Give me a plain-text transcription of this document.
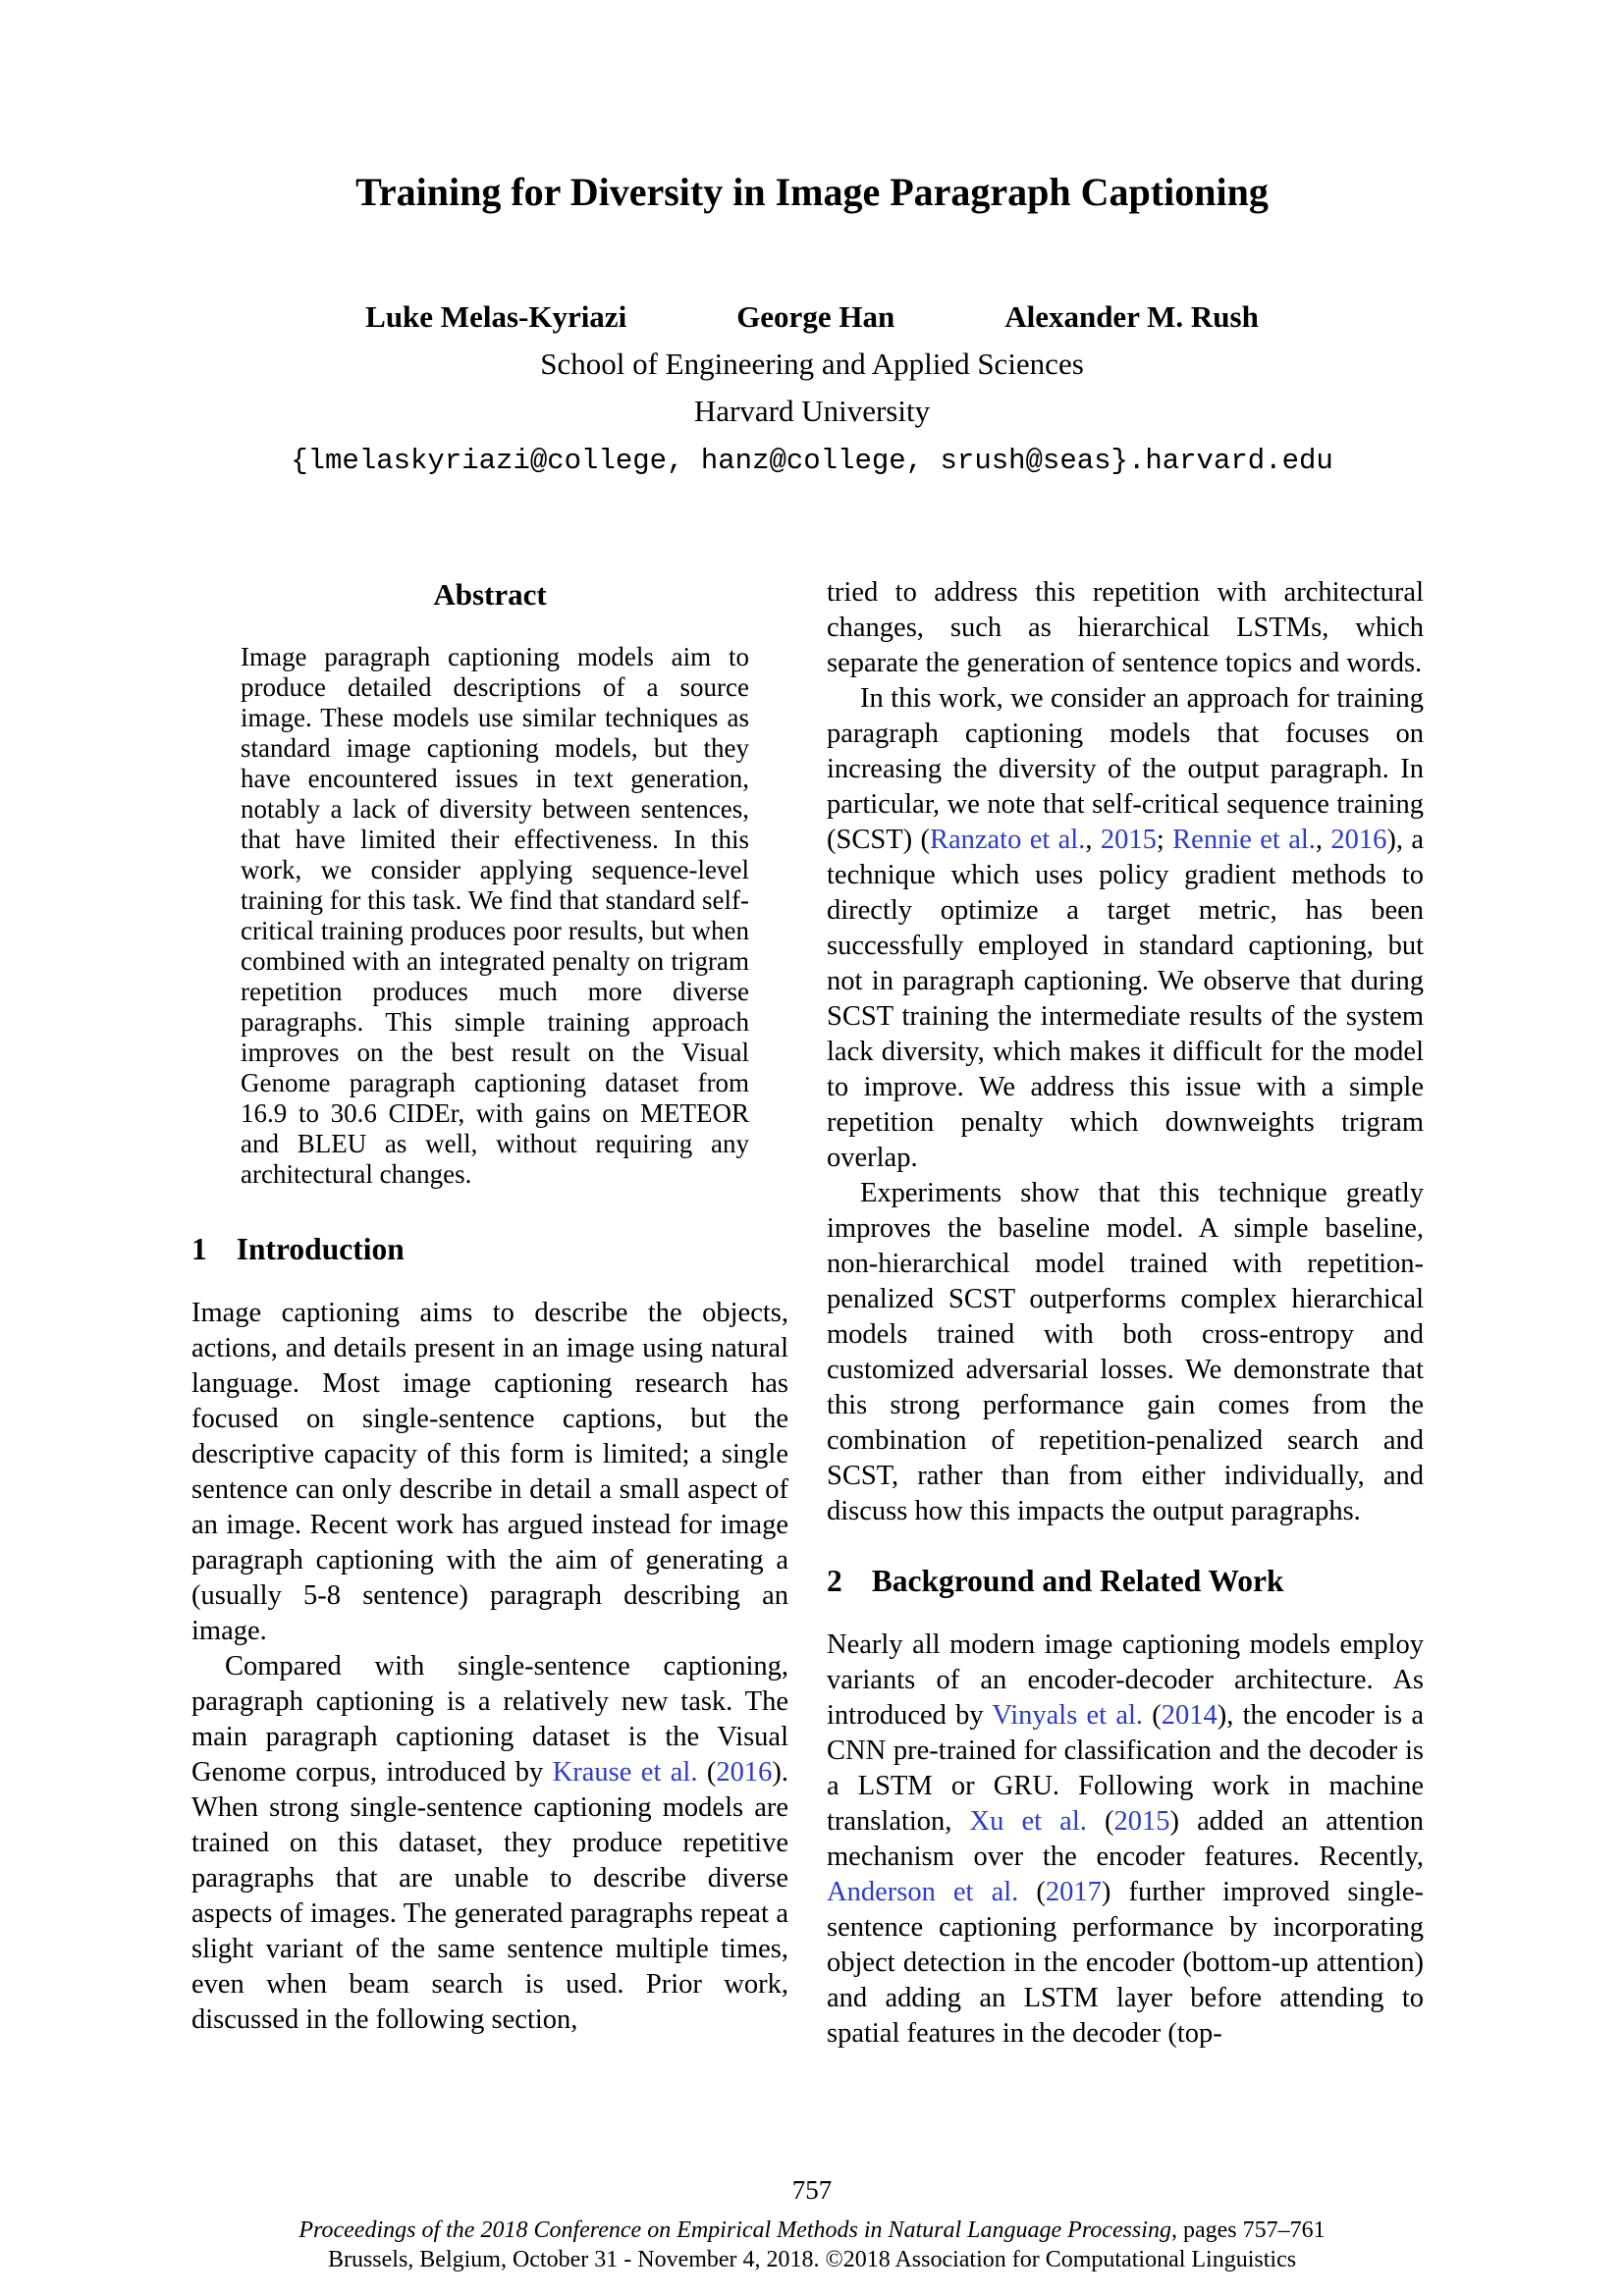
Training for Diversity in Image Paragraph Captioning
Luke Melas-Kyriazi	George Han	Alexander M. Rush
School of Engineering and Applied Sciences
Harvard University
{lmelaskyriazi@college, hanz@college, srush@seas}.harvard.edu
Abstract

Image paragraph captioning models aim to produce detailed descriptions of a source image. These models use similar techniques as standard image captioning models, but they have encountered issues in text generation, notably a lack of diversity between sentences, that have limited their effectiveness. In this work, we consider applying sequence-level training for this task. We find that standard self-critical training produces poor results, but when combined with an integrated penalty on trigram repetition produces much more diverse paragraphs. This simple training approach improves on the best result on the Visual Genome paragraph captioning dataset from 16.9 to 30.6 CIDEr, with gains on METEOR and BLEU as well, without requiring any architectural changes.

1 Introduction

Image captioning aims to describe the objects, actions, and details present in an image using natural language. Most image captioning research has focused on single-sentence captions, but the descriptive capacity of this form is limited; a single sentence can only describe in detail a small aspect of an image. Recent work has argued instead for image paragraph captioning with the aim of generating a (usually 5-8 sentence) paragraph describing an image.

Compared with single-sentence captioning, paragraph captioning is a relatively new task. The main paragraph captioning dataset is the Visual Genome corpus, introduced by Krause et al. (2016). When strong single-sentence captioning models are trained on this dataset, they produce repetitive paragraphs that are unable to describe diverse aspects of images. The generated paragraphs repeat a slight variant of the same sentence multiple times, even when beam search is used. Prior work, discussed in the following section,

tried to address this repetition with architectural changes, such as hierarchical LSTMs, which separate the generation of sentence topics and words.

In this work, we consider an approach for training paragraph captioning models that focuses on increasing the diversity of the output paragraph. In particular, we note that self-critical sequence training (SCST) (Ranzato et al., 2015; Rennie et al., 2016), a technique which uses policy gradient methods to directly optimize a target metric, has been successfully employed in standard captioning, but not in paragraph captioning. We observe that during SCST training the intermediate results of the system lack diversity, which makes it difficult for the model to improve. We address this issue with a simple repetition penalty which downweights trigram overlap.

Experiments show that this technique greatly improves the baseline model. A simple baseline, non-hierarchical model trained with repetition-penalized SCST outperforms complex hierarchical models trained with both cross-entropy and customized adversarial losses. We demonstrate that this strong performance gain comes from the combination of repetition-penalized search and SCST, rather than from either individually, and discuss how this impacts the output paragraphs.

2 Background and Related Work

Nearly all modern image captioning models employ variants of an encoder-decoder architecture. As introduced by Vinyals et al. (2014), the encoder is a CNN pre-trained for classification and the decoder is a LSTM or GRU. Following work in machine translation, Xu et al. (2015) added an attention mechanism over the encoder features. Recently, Anderson et al. (2017) further improved single-sentence captioning performance by incorporating object detection in the encoder (bottom-up attention) and adding an LSTM layer before attending to spatial features in the decoder (top-

757
Proceedings of the 2018 Conference on Empirical Methods in Natural Language Processing, pages 757–761
Brussels, Belgium, October 31 - November 4, 2018. ©2018 Association for Computational Linguistics
